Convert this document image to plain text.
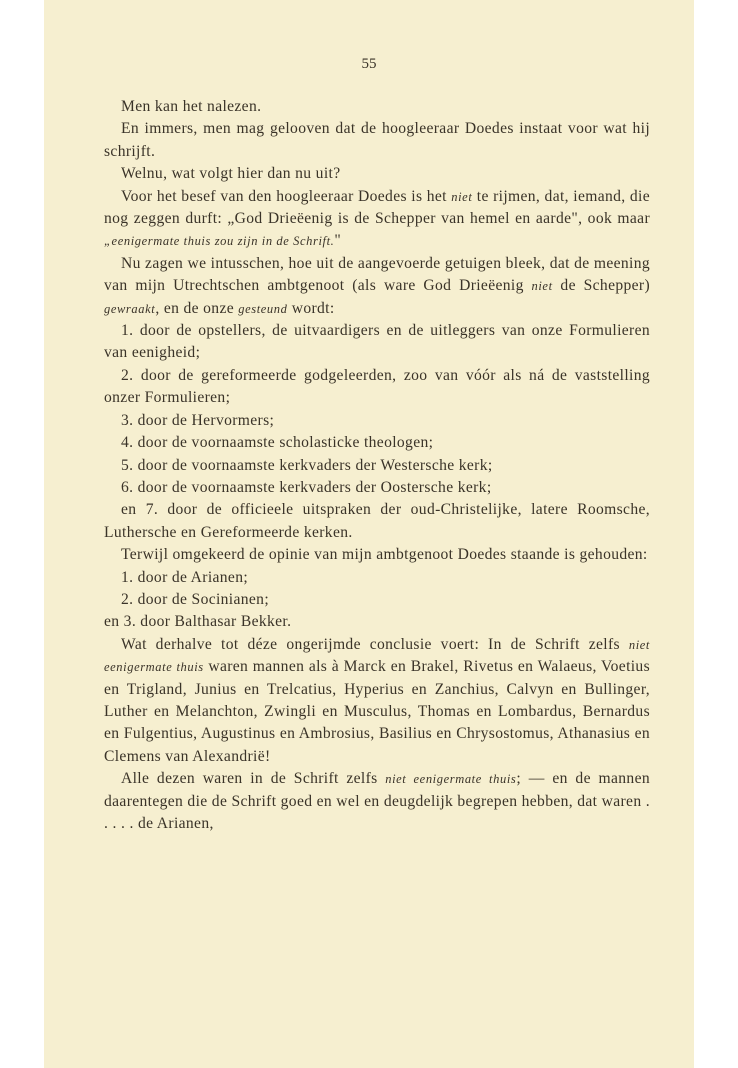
55

Men kan het nalezen.

En immers, men mag gelooven dat de hoogleeraar Doedes instaat voor wat hij schrijft.

Welnu, wat volgt hier dan nu uit?

Voor het besef van den hoogleeraar Doedes is het niet te rijmen, dat, iemand, die nog zeggen durft: „God Drieëenig is de Schepper van hemel en aarde", ook maar „eenigermate thuis zou zijn in de Schrift."

Nu zagen we intusschen, hoe uit de aangevoerde getuigen bleek, dat de meening van mijn Utrechtschen ambtgenoot (als ware God Drieëenig niet de Schepper) gewraakt, en de onze gesteund wordt:

1. door de opstellers, de uitvaardigers en de uitleggers van onze Formulieren van eenigheid;

2. door de gereformeerde godgeleerden, zoo van vóór als ná de vaststelling onzer Formulieren;

3. door de Hervormers;

4. door de voornaamste scholasticke theologen;

5. door de voornaamste kerkvaders der Westersche kerk;

6. door de voornaamste kerkvaders der Oostersche kerk;

en 7. door de officieele uitspraken der oud-Christelijke, latere Roomsche, Luthersche en Gereformeerde kerken.

Terwijl omgekeerd de opinie van mijn ambtgenoot Doedes staande is gehouden:

1. door de Arianen;

2. door de Socinianen;

en 3. door Balthasar Bekker.

Wat derhalve tot déze ongerijmde conclusie voert: In de Schrift zelfs niet eenigermate thuis waren mannen als à Marck en Brakel, Rivetus en Walaeus, Voetius en Trigland, Junius en Trelcatius, Hyperius en Zanchius, Calvyn en Bullinger, Luther en Melanchton, Zwingli en Musculus, Thomas en Lombardus, Bernardus en Fulgentius, Augustinus en Ambrosius, Basilius en Chrysostomus, Athanasius en Clemens van Alexandrië!

Alle dezen waren in de Schrift zelfs niet eenigermate thuis; — en de mannen daarentegen die de Schrift goed en wel en deugdelijk begrepen hebben, dat waren . . . . . de Arianen,
